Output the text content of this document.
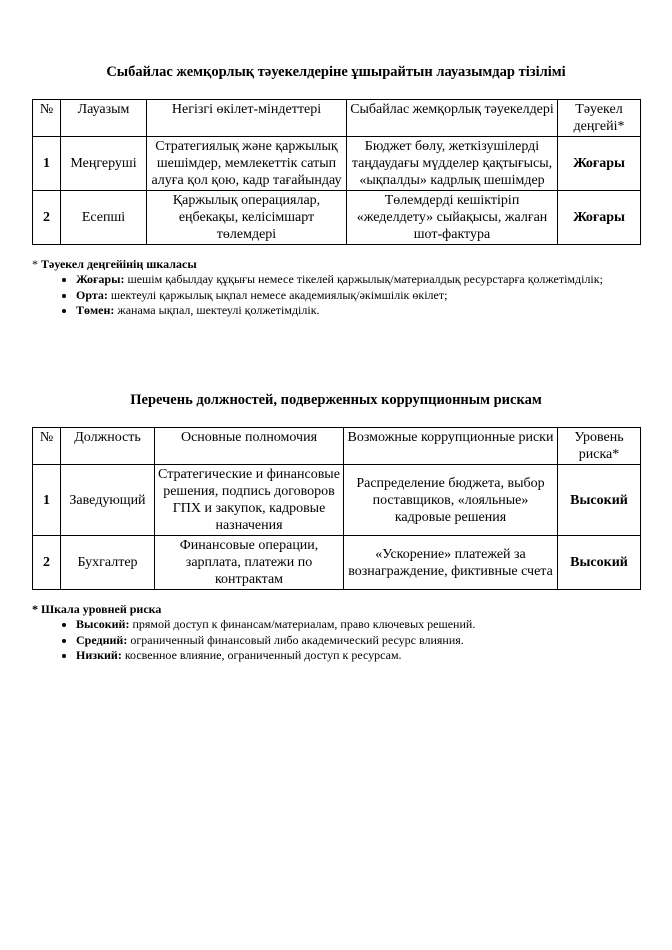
Сыбайлас жемқорлық тәуекелдеріне ұшырайтын лауазымдар тізілімі
№	Лауазым	Негізгі өкілет-міндеттері	Сыбайлас жемқорлық тәуекелдері	Тәуекел деңгейі*
1	Меңгеруші	Стратегиялық және қаржылық шешімдер, мемлекеттік сатып алуға қол қою, кадр тағайындау	Бюджет бөлу, жеткізушілерді таңдаудағы мүдделер қақтығысы, «ықпалды» кадрлық шешімдер	Жоғары
2	Есепші	Қаржылық операциялар, еңбекақы, келісімшарт төлемдері	Төлемдерді кешіктіріп «жеделдету» сыйақысы, жалған шот-фактура	Жоғары

* Тәуекел деңгейінің шкаласы

• Жоғары: шешім қабылдау құқығы немесе тікелей қаржылық/материалдық ресурстарға қолжетімділік;
• Орта: шектеулі қаржылық ықпал немесе академиялық/әкімшілік өкілет;
• Төмен: жанама ықпал, шектеулі қолжетімділік.
Перечень должностей, подверженных коррупционным рискам
№	Должность	Основные полномочия	Возможные коррупционные риски	Уровень риска*
1	Заведующий	Стратегические и финансовые решения, подпись договоров ГПХ и закупок, кадровые назначения	Распределение бюджета, выбор поставщиков, «лояльные» кадровые решения	Высокий
2	Бухгалтер	Финансовые операции, зарплата, платежи по контрактам	«Ускорение» платежей за вознаграждение, фиктивные счета	Высокий

* Шкала уровней риска

• Высокий: прямой доступ к финансам/материалам, право ключевых решений.
• Средний: ограниченный финансовый либо академический ресурс влияния.
• Низкий: косвенное влияние, ограниченный доступ к ресурсам.
